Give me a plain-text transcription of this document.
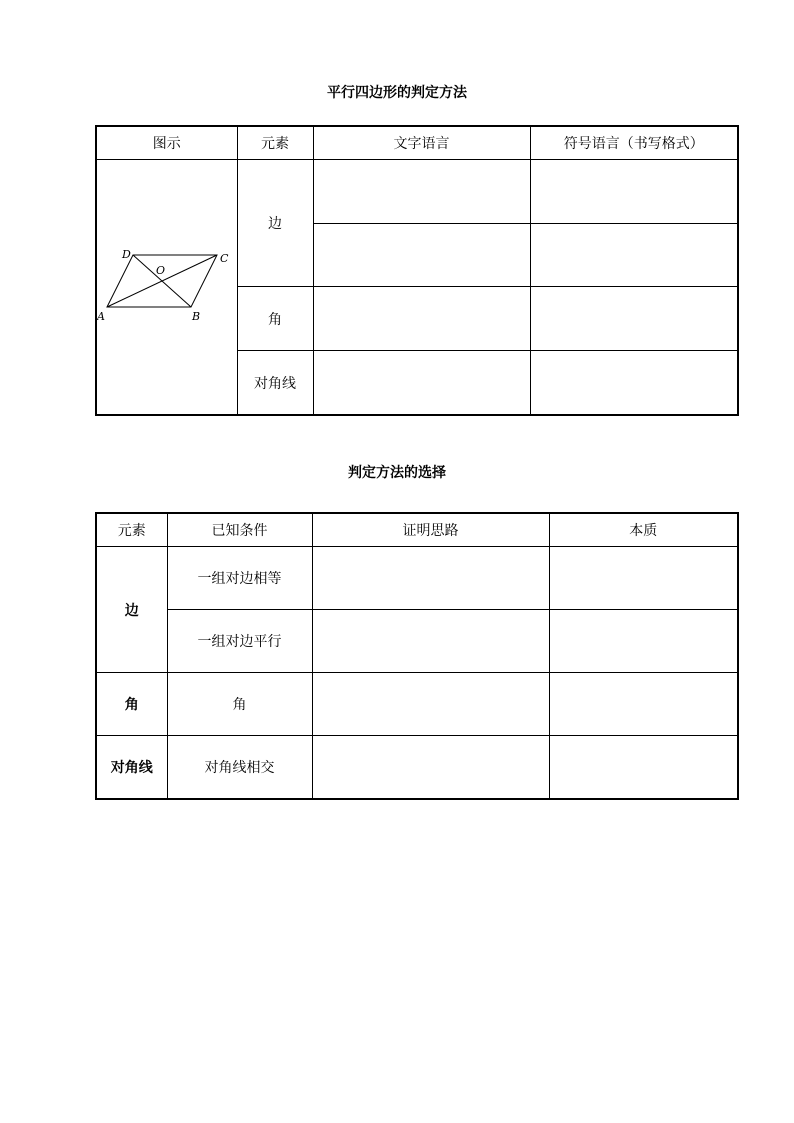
平行四边形的判定方法
图示	元素	文字语言	符号语言（书写格式）

A B
C
D
O	边		

	角		
	对角线		
判定方法的选择
元素	已知条件	证明思路	本质
边	一组对边相等		
	一组对边平行		
角	角		
对角线	对角线相交		
